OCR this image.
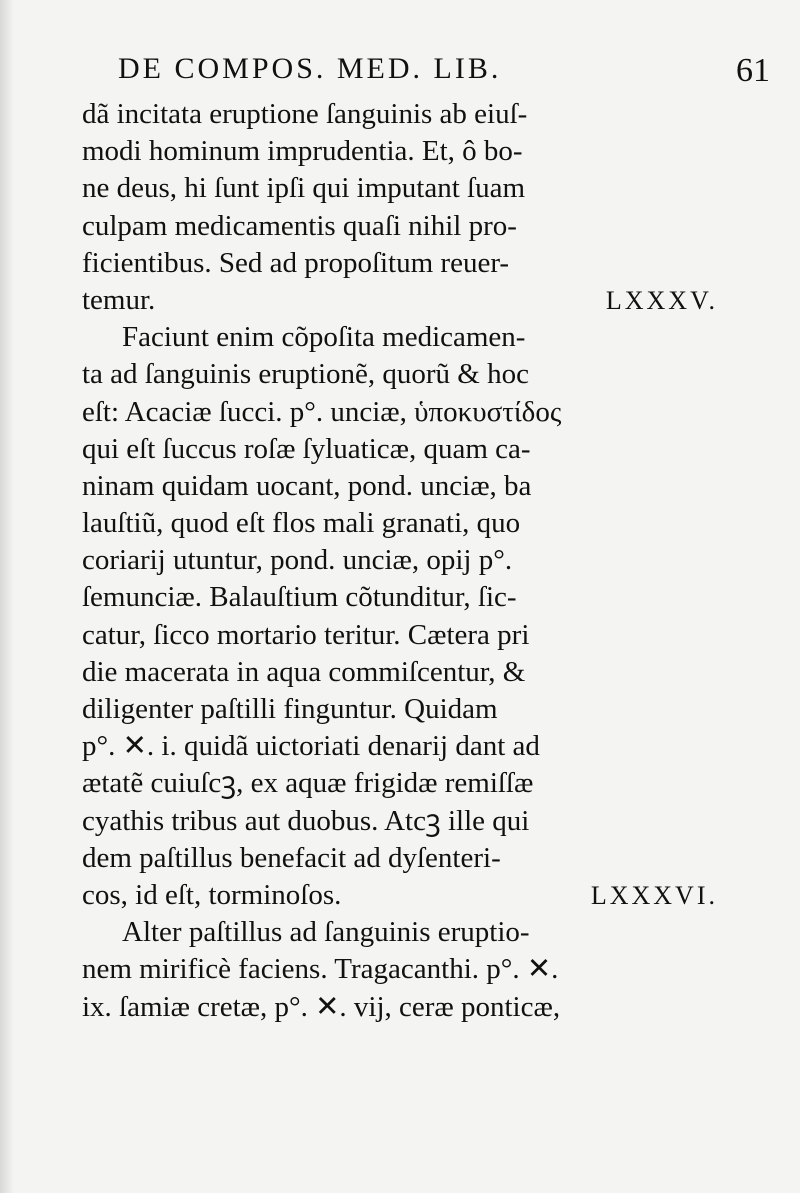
DE COMPOS. MED. LIB.	61
dã incitata eruptione ſanguinis ab eiuſ-
modi hominum imprudentia. Et, ô bo-
ne deus, hi ſunt ipſi qui imputant ſuam
culpam medicamentis quaſi nihil pro-
ficientibus. Sed ad propoſitum reuer-
LXXXV.
temur.
Faciunt enim cõpoſita medicamen-
ta ad ſanguinis eruptionẽ, quorũ & hoc
eſt: Acaciæ ſucci. p°. unciæ, ὑποκυστίδος
qui eſt ſuccus roſæ ſyluaticæ, quam ca-
ninam quidam uocant, pond. unciæ, ba
lauſtiũ, quod eſt flos mali granati, quo
coriarij utuntur, pond. unciæ, opij p°.
ſemunciæ. Balauſtium cõtunditur, ſic-
catur, ſicco mortario teritur. Cætera pri
die macerata in aqua commiſcentur, &
diligenter paſtilli finguntur. Quidam
p°. ✕. i. quidã uictoriati denarij dant ad
ætatẽ cuiuſcꝫ, ex aquæ frigidæ remiſſæ
cyathis tribus aut duobus. Atcꝫ ille qui
dem paſtillus benefacit ad dyſenteri-
LXXXVI.
cos, id eſt, torminoſos.
Alter paſtillus ad ſanguinis eruptio-
nem mirificè faciens. Tragacanthi. p°. ✕.
ix. ſamiæ cretæ, p°. ✕. vij, ceræ ponticæ,
